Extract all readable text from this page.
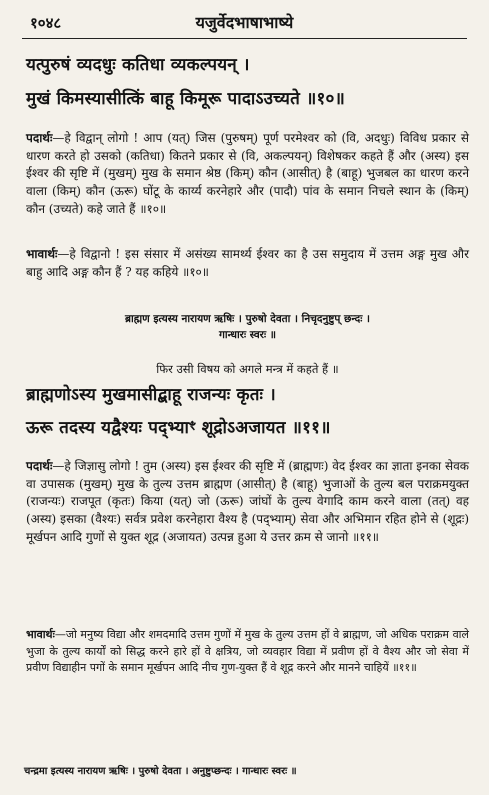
१०४८	यजुर्वेदभाषाभाष्ये
यत्पुरुषं व्यदधुः कतिधा व्यकल्पयन् ।
मुखं किमस्यासीत्किं बाहू किमूरू पादाऽउच्यते ॥१०॥
पदार्थः—हे विद्वान् लोगो ! आप (यत्) जिस (पुरुषम्) पूर्ण परमेश्वर को (वि, अदधुः) विविध प्रकार से धारण करते हो उसको (कतिधा) कितने प्रकार से (वि, अकल्पयन्) विशेषकर कहते हैं और (अस्य) इस ईश्वर की सृष्टि में (मुखम्) मुख के समान श्रेष्ठ (किम्) कौन (आसीत्) है (बाहू) भुजबल का धारण करने वाला (किम्) कौन (ऊरू) घोंटू के कार्य्य करनेहारे और (पादौ) पांव के समान निचले स्थान के (किम्) कौन (उच्यते) कहे जाते हैं ॥१०॥
भावार्थः—हे विद्वानो ! इस संसार में असंख्य सामर्थ्य ईश्वर का है उस समुदाय में उत्तम अङ्ग मुख और बाहु आदि अङ्ग कौन हैं ? यह कहिये ॥१०॥
ब्राह्मण इत्यस्य नारायण ऋषिः । पुरुषो देवता । निचृदनुष्टुप् छन्दः ।
गान्धारः स्वरः ॥
फिर उसी विषय को अगले मन्त्र में कहते हैं ॥
ब्राह्मणोऽस्य मुखमासीद्बाहू राजन्यः कृतः ।
ऊरू तदस्य यद्वैश्यः पद्भ्याꣳ शूद्रोऽअजायत ॥११॥
पदार्थः—हे जिज्ञासु लोगो ! तुम (अस्य) इस ईश्वर की सृष्टि में (ब्राह्मणः) वेद ईश्वर का ज्ञाता इनका सेवक वा उपासक (मुखम्) मुख के तुल्य उत्तम ब्राह्मण (आसीत्) है (बाहू) भुजाओं के तुल्य बल पराक्रमयुक्त (राजन्यः) राजपूत (कृतः) किया (यत्) जो (ऊरू) जांघों के तुल्य वेगादि काम करने वाला (तत्) वह (अस्य) इसका (वैश्यः) सर्वत्र प्रवेश करनेहारा वैश्य है (पद्भ्याम्) सेवा और अभिमान रहित होने से (शूद्रः) मूर्खपन आदि गुणों से युक्त शूद्र (अजायत) उत्पन्न हुआ ये उत्तर क्रम से जानो ॥११॥
भावार्थः—जो मनुष्य विद्या और शमदमादि उत्तम गुणों में मुख के तुल्य उत्तम हों वे ब्राह्मण, जो अधिक पराक्रम वाले भुजा के तुल्य कार्यों को सिद्ध करने हारे हों वे क्षत्रिय, जो व्यवहार विद्या में प्रवीण हों वे वैश्य और जो सेवा में प्रवीण विद्याहीन पगों के समान मूर्खपन आदि नीच गुण-युक्त हैं वे शूद्र करने और मानने चाहियें ॥११॥
चन्द्रमा इत्यस्य नारायण ऋषिः । पुरुषो देवता । अनुष्टुप्छन्दः । गान्धारः स्वरः ॥
